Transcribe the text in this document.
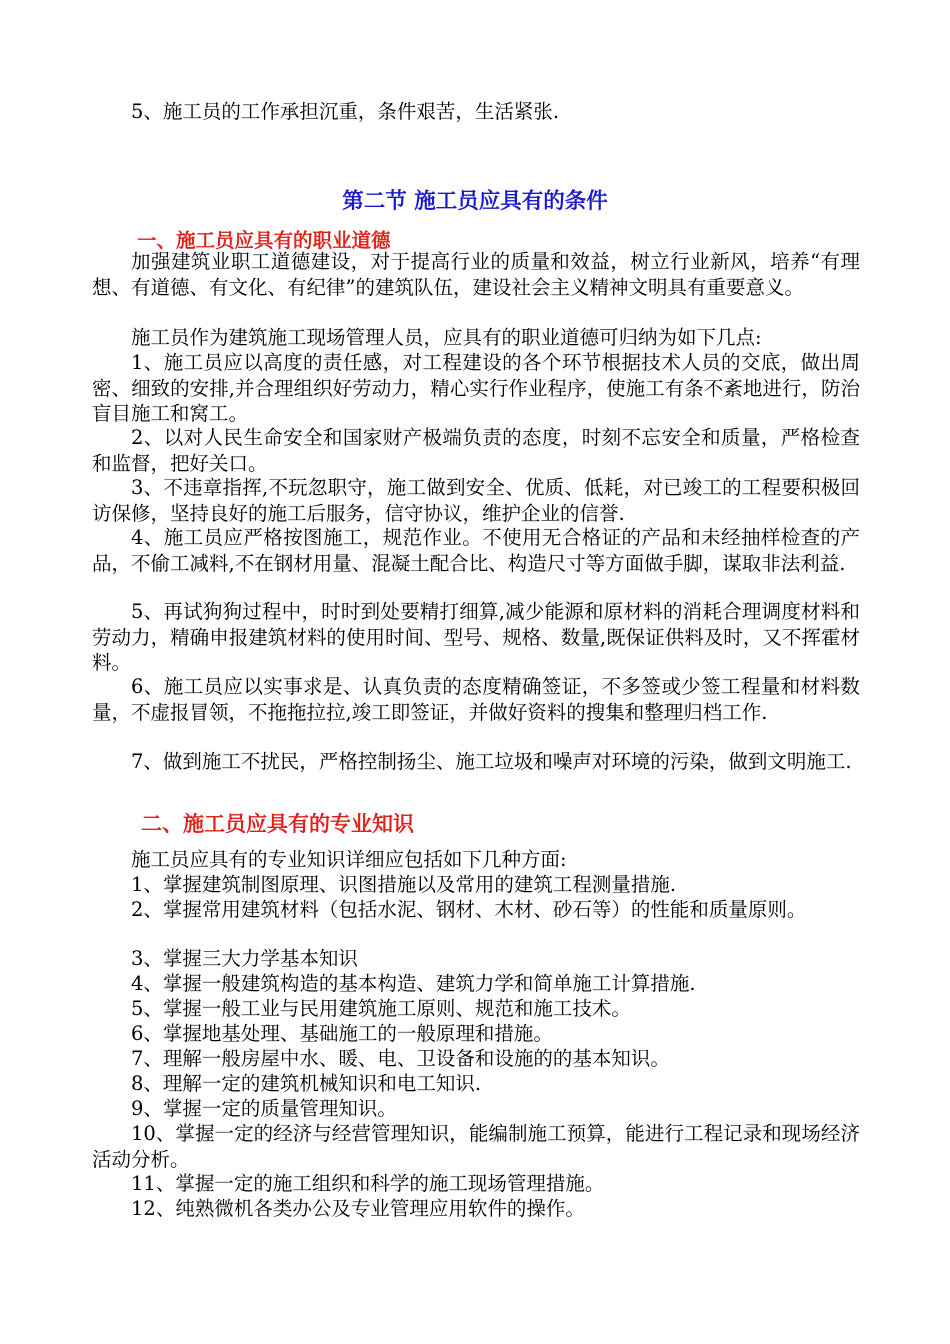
5、施工员的工作承担沉重，条件艰苦，生活紧张.
第二节 施工员应具有的条件
一、施工员应具有的职业道德
加强建筑业职工道德建设，对于提高行业的质量和效益，树立行业新风，培养“有理想、有道德、有文化、有纪律”的建筑队伍，建设社会主义精神文明具有重要意义。
施工员作为建筑施工现场管理人员，应具有的职业道德可归纳为如下几点:
1、施工员应以高度的责任感，对工程建设的各个环节根据技术人员的交底，做出周密、细致的安排,并合理组织好劳动力，精心实行作业程序，使施工有条不紊地进行，防治盲目施工和窝工。
2、以对人民生命安全和国家财产极端负责的态度，时刻不忘安全和质量，严格检查和监督，把好关口。
3、不违章指挥,不玩忽职守，施工做到安全、优质、低耗，对已竣工的工程要积极回访保修，坚持良好的施工后服务，信守协议，维护企业的信誉.
4、施工员应严格按图施工，规范作业。不使用无合格证的产品和未经抽样检查的产品，不偷工减料,不在钢材用量、混凝土配合比、构造尺寸等方面做手脚，谋取非法利益.
5、再试狗狗过程中，时时到处要精打细算,减少能源和原材料的消耗合理调度材料和劳动力，精确申报建筑材料的使用时间、型号、规格、数量,既保证供料及时，又不挥霍材料。
6、施工员应以实事求是、认真负责的态度精确签证，不多签或少签工程量和材料数量，不虚报冒领，不拖拖拉拉,竣工即签证，并做好资料的搜集和整理归档工作.
7、做到施工不扰民，严格控制扬尘、施工垃圾和噪声对环境的污染，做到文明施工.
二、施工员应具有的专业知识
施工员应具有的专业知识详细应包括如下几种方面:
1、掌握建筑制图原理、识图措施以及常用的建筑工程测量措施.
2、掌握常用建筑材料（包括水泥、钢材、木材、砂石等）的性能和质量原则。
3、掌握三大力学基本知识
4、掌握一般建筑构造的基本构造、建筑力学和简单施工计算措施.
5、掌握一般工业与民用建筑施工原则、规范和施工技术。
6、掌握地基处理、基础施工的一般原理和措施。
7、理解一般房屋中水、暖、电、卫设备和设施的的基本知识。
8、理解一定的建筑机械知识和电工知识.
9、掌握一定的质量管理知识。
10、掌握一定的经济与经营管理知识，能编制施工预算，能进行工程记录和现场经济活动分析。
11、掌握一定的施工组织和科学的施工现场管理措施。
12、纯熟微机各类办公及专业管理应用软件的操作。
